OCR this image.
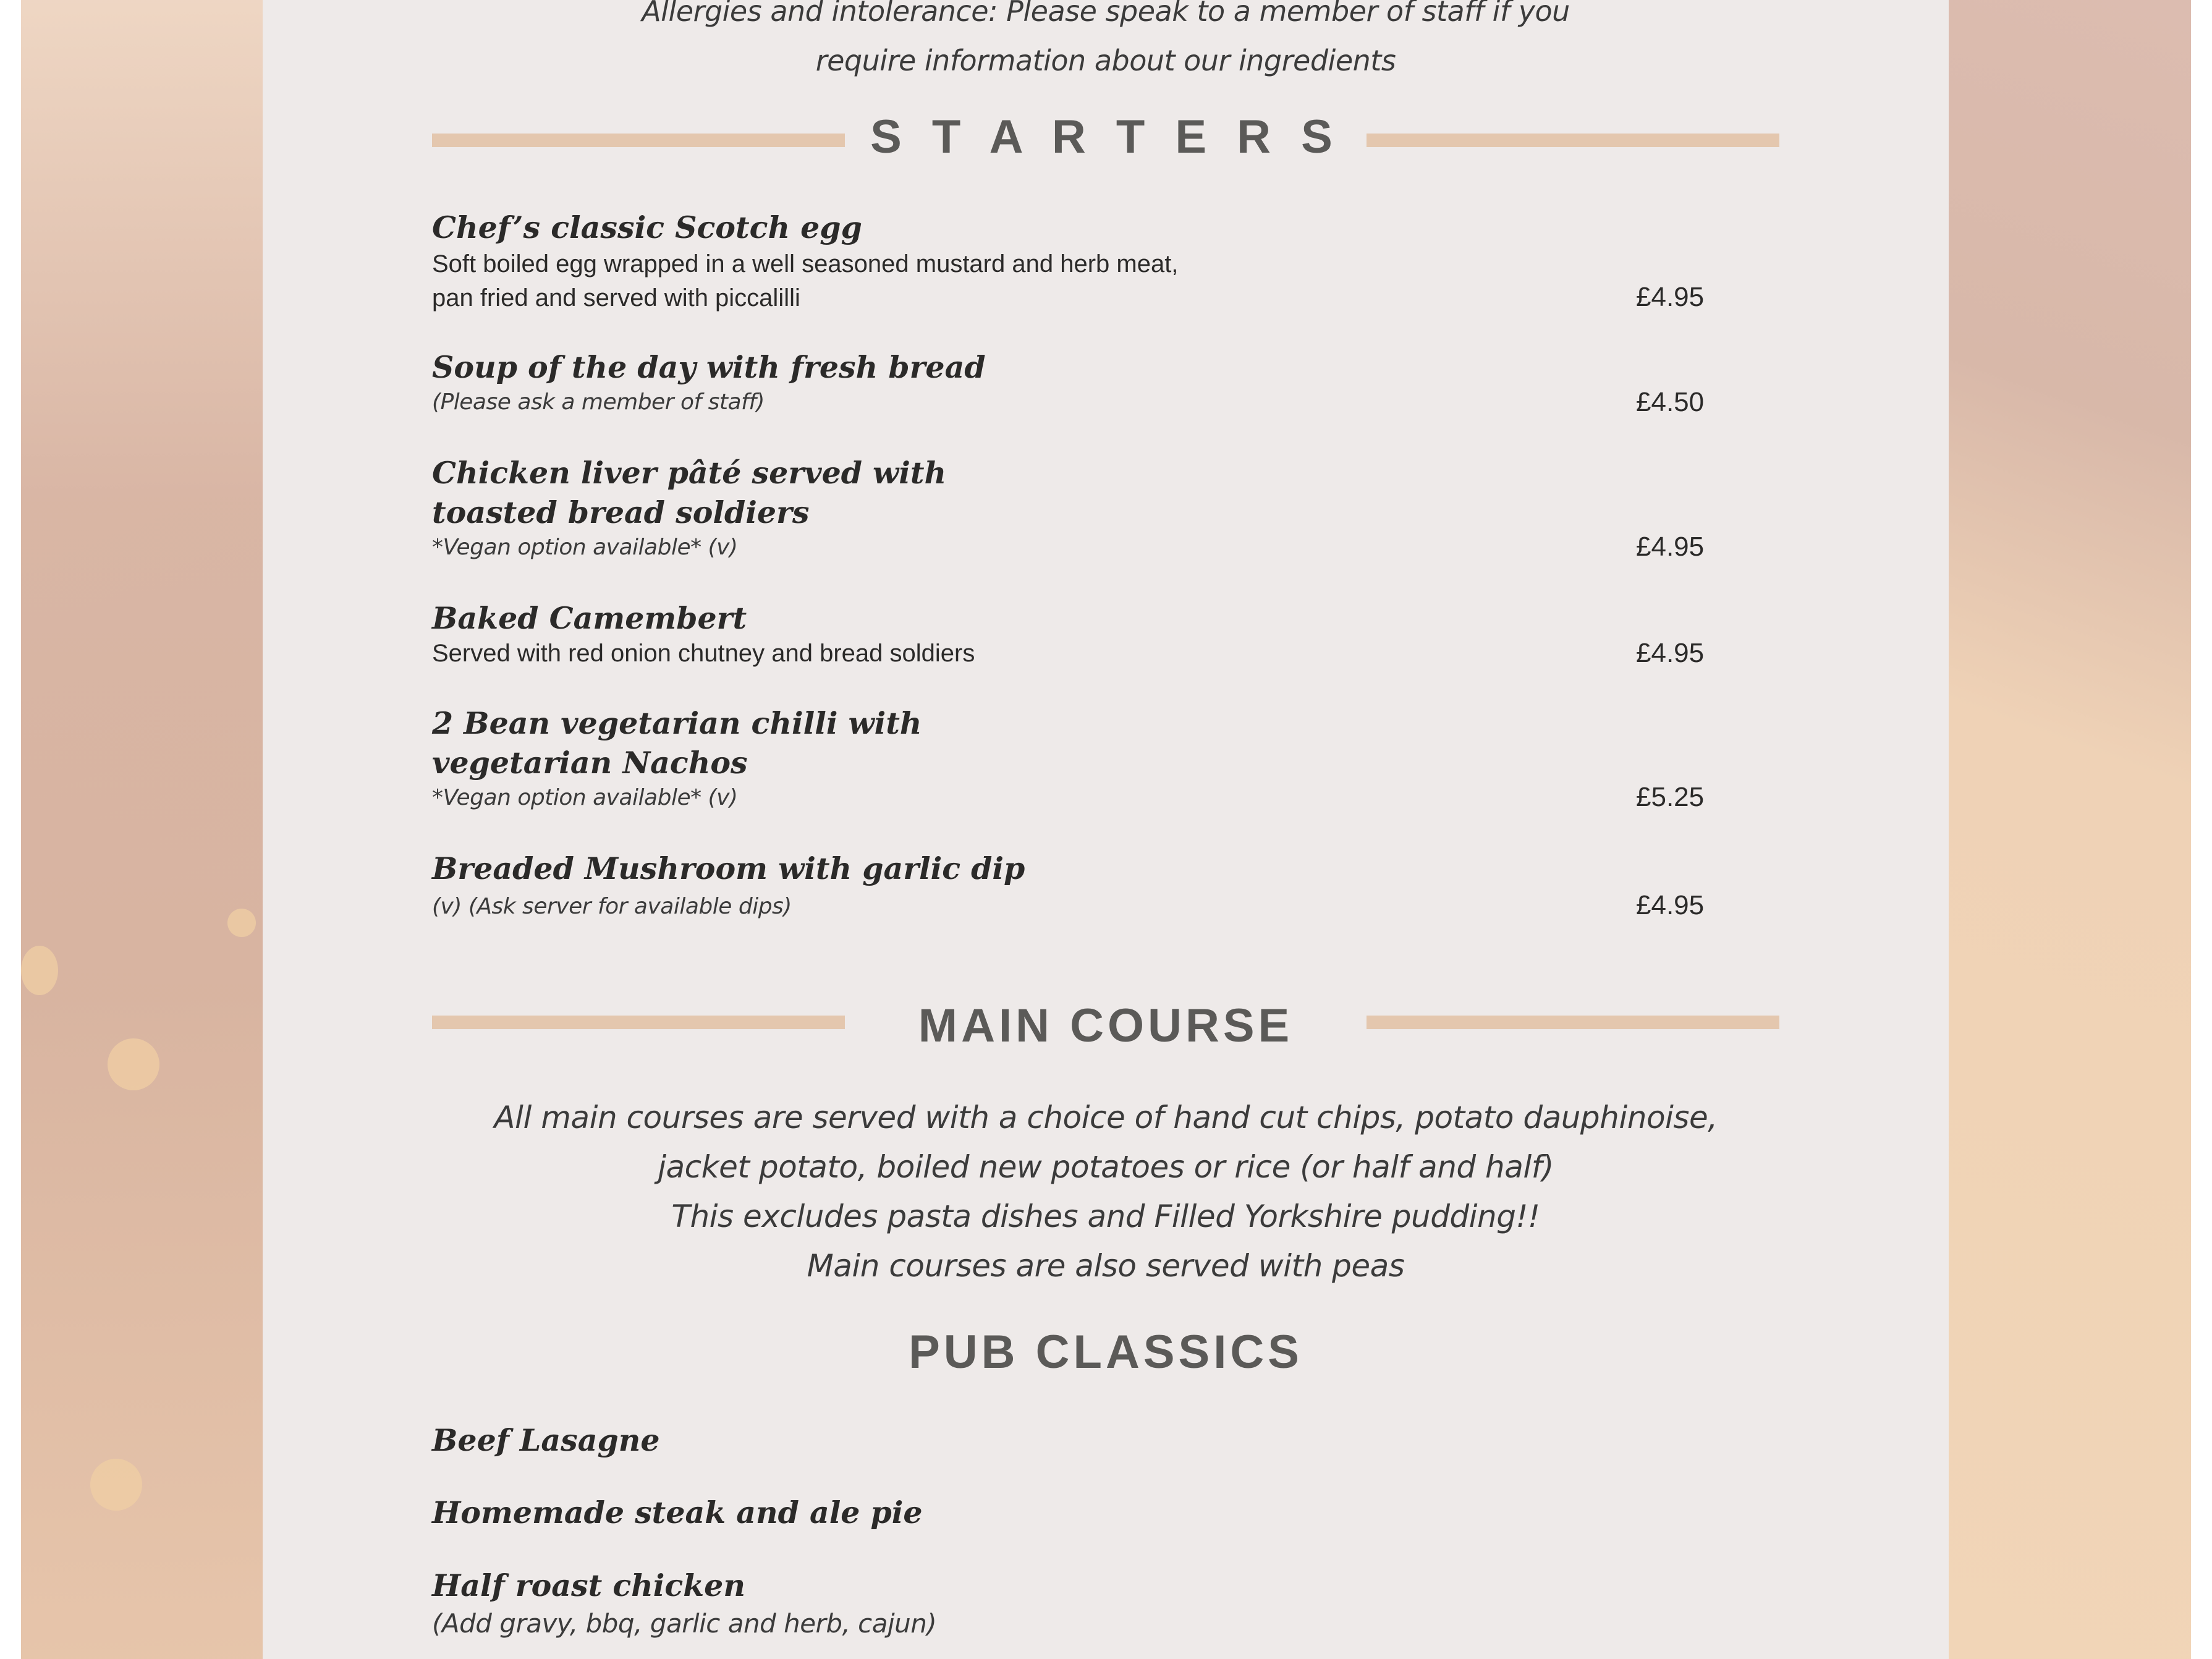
Allergies and intolerance: Please speak to a member of staff if you
require information about our ingredients
S T A R T E R S
Chef’s classic Scotch egg
Soft boiled egg wrapped in a well seasoned mustard and herb meat,
pan fried and served with piccalilli	£4.95
Soup of the day with fresh bread
(Please ask a member of staff)	£4.50
Chicken liver pâté served with
toasted bread soldiers
*Vegan option available* (v)	£4.95
Baked Camembert
Served with red onion chutney and bread soldiers	£4.95
2 Bean vegetarian chilli with
vegetarian Nachos
*Vegan option available* (v)	£5.25
Breaded Mushroom with garlic dip
(v) (Ask server for available dips)	£4.95
MAIN COURSE
All main courses are served with a choice of hand cut chips, potato dauphinoise,
jacket potato, boiled new potatoes or rice (or half and half)
This excludes pasta dishes and Filled Yorkshire pudding!!
Main courses are also served with peas
PUB CLASSICS
Beef Lasagne
Homemade steak and ale pie
Half roast chicken
(Add gravy, bbq, garlic and herb, cajun)
